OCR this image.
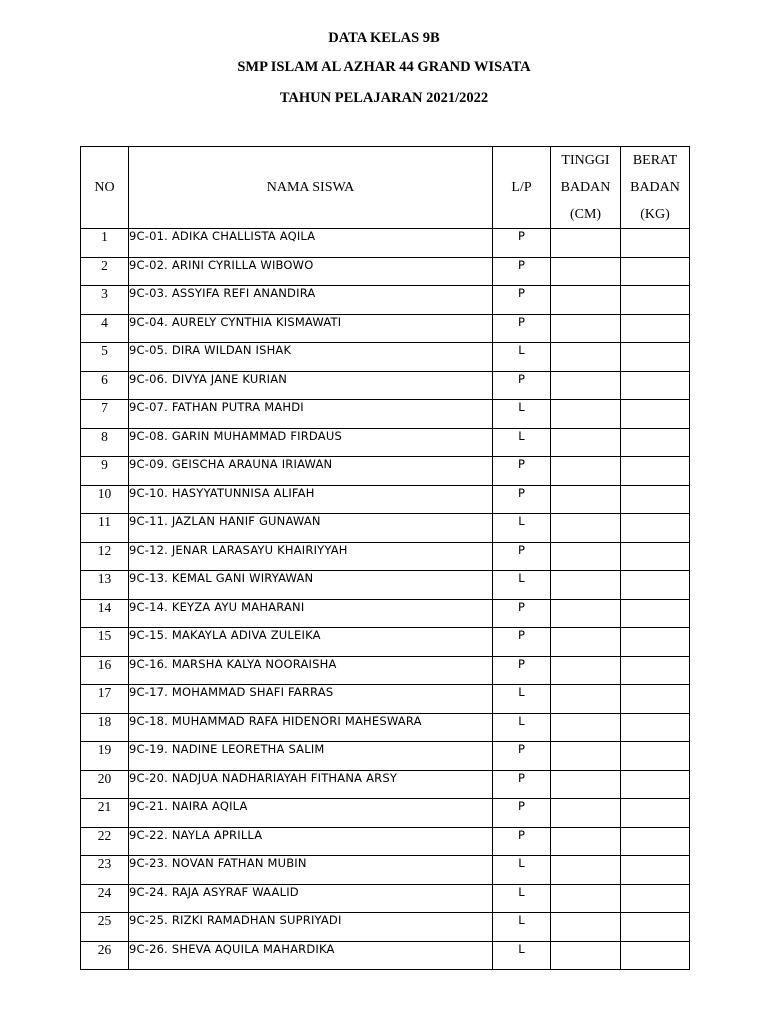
DATA KELAS 9B
SMP ISLAM AL AZHAR 44 GRAND WISATA
TAHUN PELAJARAN 2021/2022
NO	NAMA SISWA	L/P	TINGGI
BADAN
(CM)	BERAT
BADAN
(KG)

1	9C-01. ADIKA CHALLISTA AQILA	P		
2	9C-02. ARINI CYRILLA WIBOWO	P		
3	9C-03. ASSYIFA REFI ANANDIRA	P		
4	9C-04. AURELY CYNTHIA KISMAWATI	P		
5	9C-05. DIRA WILDAN ISHAK	L		
6	9C-06. DIVYA JANE KURIAN	P		
7	9C-07. FATHAN PUTRA MAHDI	L		
8	9C-08. GARIN MUHAMMAD FIRDAUS	L		
9	9C-09. GEISCHA ARAUNA IRIAWAN	P		
10	9C-10. HASYYATUNNISA ALIFAH	P		
11	9C-11. JAZLAN HANIF GUNAWAN	L		
12	9C-12. JENAR LARASAYU KHAIRIYYAH	P		
13	9C-13. KEMAL GANI WIRYAWAN	L		
14	9C-14. KEYZA AYU MAHARANI	P		
15	9C-15. MAKAYLA ADIVA ZULEIKA	P		
16	9C-16. MARSHA KALYA NOORAISHA	P		
17	9C-17. MOHAMMAD SHAFI FARRAS	L		
18	9C-18. MUHAMMAD RAFA HIDENORI MAHESWARA	L		
19	9C-19. NADINE LEORETHA SALIM	P		
20	9C-20. NADJUA NADHARIAYAH FITHANA ARSY	P		
21	9C-21. NAIRA AQILA	P		
22	9C-22. NAYLA APRILLA	P		
23	9C-23. NOVAN FATHAN MUBIN	L		
24	9C-24. RAJA ASYRAF WAALID	L		
25	9C-25. RIZKI RAMADHAN SUPRIYADI	L		
26	9C-26. SHEVA AQUILA MAHARDIKA	L		
